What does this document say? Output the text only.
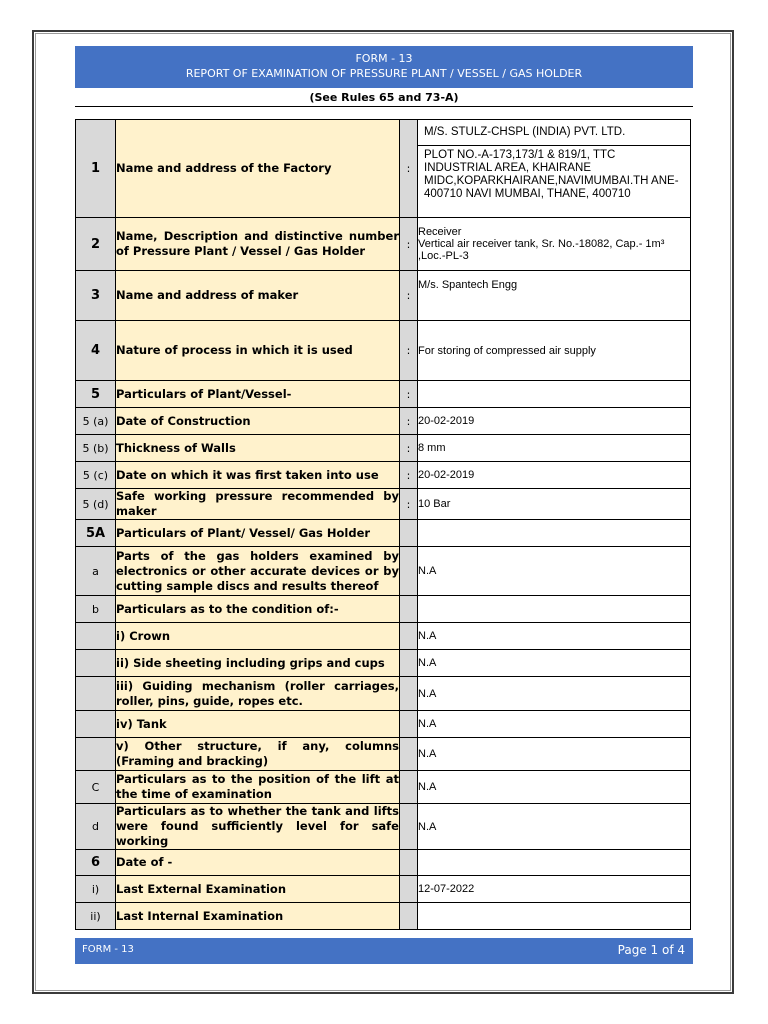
FORM - 13
REPORT OF EXAMINATION OF PRESSURE PLANT / VESSEL / GAS HOLDER
(See Rules 65 and 73-A)
1	Name and address of the Factory	:	M/S. STULZ-CHSPL (INDIA) PVT. LTD.
PLOT NO.-A-173,173/1 & 819/1, TTC INDUSTRIAL AREA, KHAIRANE MIDC,KOPARKHAIRANE,NAVIMUMBAI.TH ANE-400710 NAVI MUMBAI, THANE, 400710

2	Name, Description and distinctive number of Pressure Plant / Vessel / Gas Holder	:	Receiver
Vertical air receiver tank, Sr. No.-18082, Cap.- 1m³ ,Loc.-PL-3

3	Name and address of maker	:	M/s. Spantech Engg
4	Nature of process in which it is used	:	For storing of compressed air supply
5	Particulars of Plant/Vessel-	:	
5 (a)	Date of Construction	:	20-02-2019
5 (b)	Thickness of Walls	:	8 mm
5 (c)	Date on which it was first taken into use	:	20-02-2019
5 (d)	Safe working pressure recommended by maker	:	10 Bar
5A	Particulars of Plant/ Vessel/ Gas Holder		
a	Parts of the gas holders examined by electronics or other accurate devices or by cutting sample discs and results thereof		N.A
b	Particulars as to the condition of:-		
	i) Crown		N.A
	ii) Side sheeting including grips and cups		N.A
	iii) Guiding mechanism (roller carriages, roller, pins, guide, ropes etc.		N.A
	iv) Tank		N.A
	v) Other structure, if any, columns (Framing and bracking)		N.A
C	Particulars as to the position of the lift at the time of examination		N.A
d	Particulars as to whether the tank and lifts were found sufficiently level for safe working		N.A
6	Date of -		
i)	Last External Examination		12-07-2022
ii)	Last Internal Examination		
FORM - 13	Page 1 of 4
